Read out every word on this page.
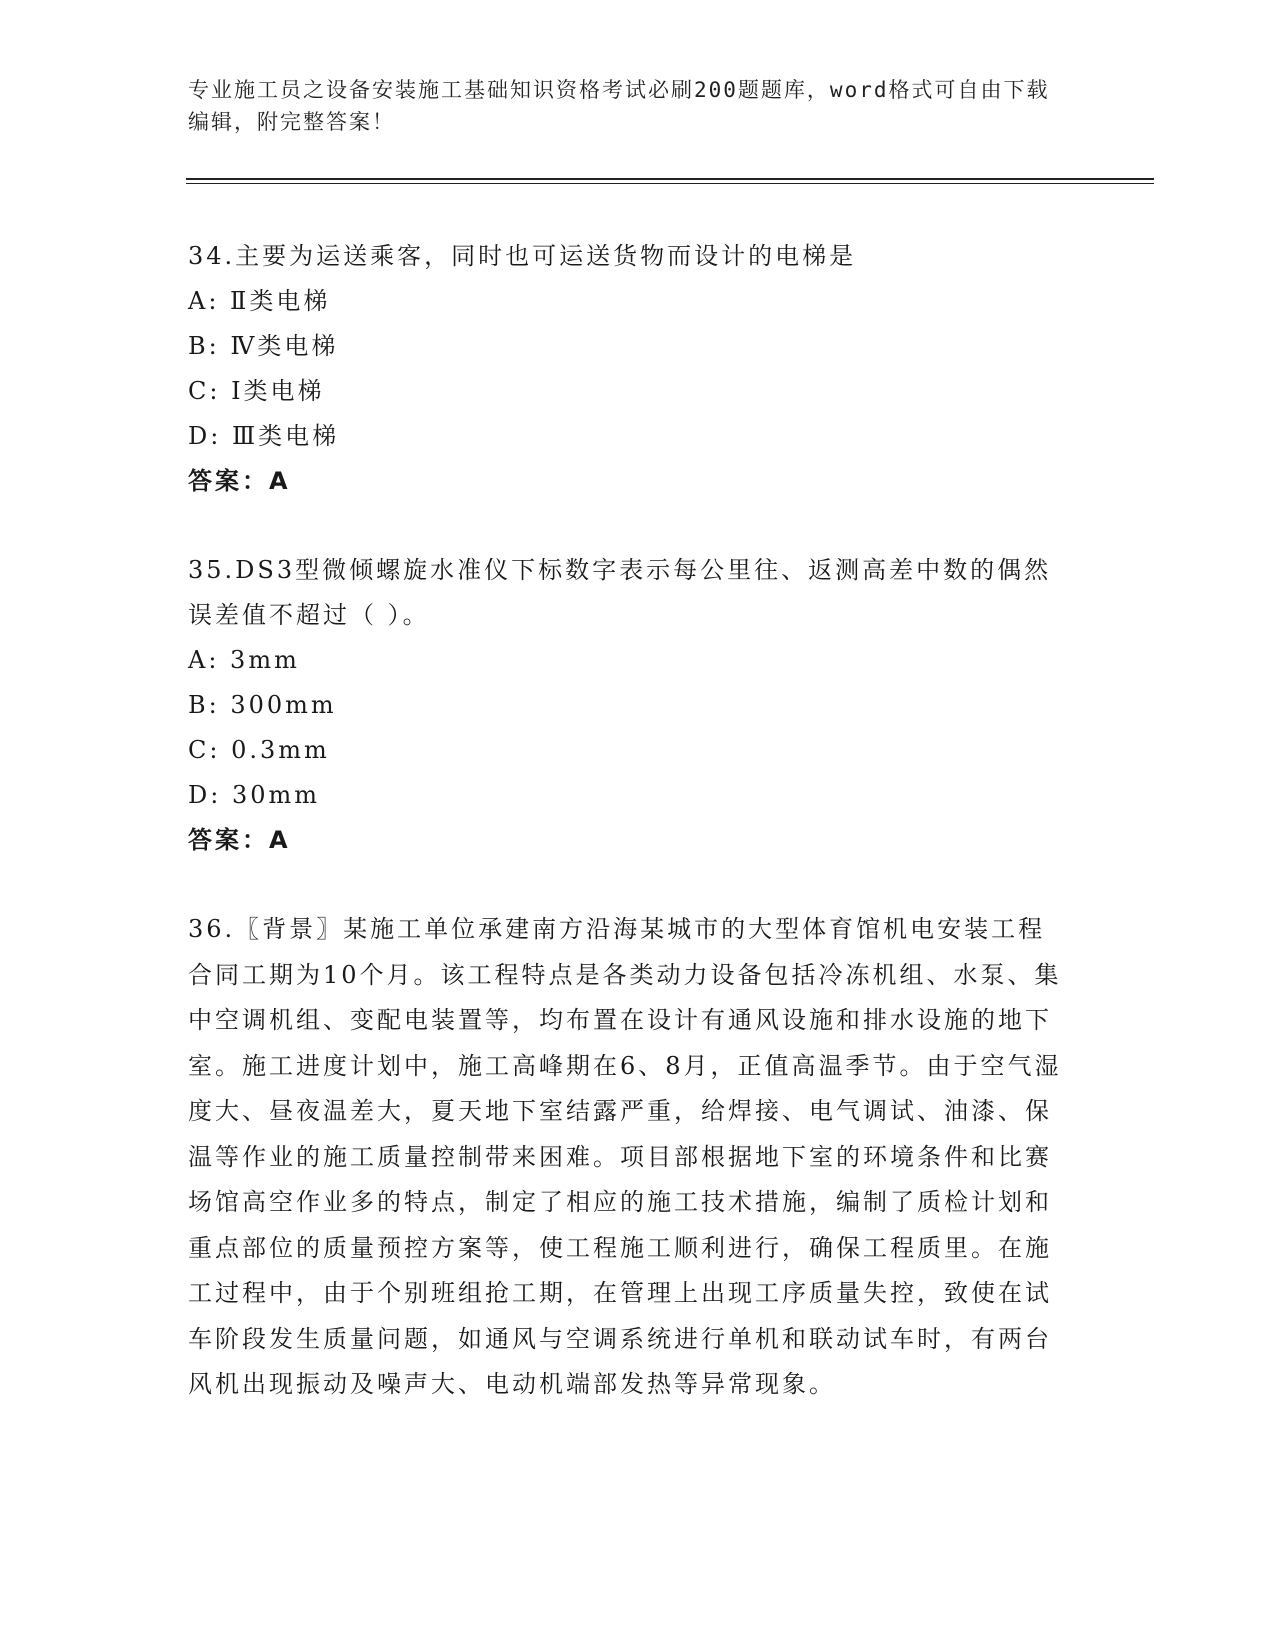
专业施工员之设备安装施工基础知识资格考试必刷200题题库，word格式可自由下载编辑，附完整答案！

34.主要为运送乘客，同时也可运送货物而设计的电梯是

A: Ⅱ类电梯

B: Ⅳ类电梯

C: Ⅰ类电梯

D: Ⅲ类电梯

答案：A

35.DS3型微倾螺旋水准仪下标数字表示每公里往、返测高差中数的偶然误差值不超过（ ）。

A: 3mm

B: 300mm

C: 0.3mm

D: 30mm

答案：A

36.〖背景〗某施工单位承建南方沿海某城市的大型体育馆机电安装工程合同工期为10个月。该工程特点是各类动力设备包括冷冻机组、水泵、集中空调机组、变配电装置等，均布置在设计有通风设施和排水设施的地下室。施工进度计划中，施工高峰期在6、8月，正值高温季节。由于空气湿度大、昼夜温差大，夏天地下室结露严重，给焊接、电气调试、油漆、保温等作业的施工质量控制带来困难。项目部根据地下室的环境条件和比赛场馆高空作业多的特点，制定了相应的施工技术措施，编制了质检计划和重点部位的质量预控方案等，使工程施工顺利进行，确保工程质里。在施工过程中，由于个别班组抢工期，在管理上出现工序质量失控，致使在试车阶段发生质量问题，如通风与空调系统进行单机和联动试车时，有两台风机出现振动及噪声大、电动机端部发热等异常现象。
